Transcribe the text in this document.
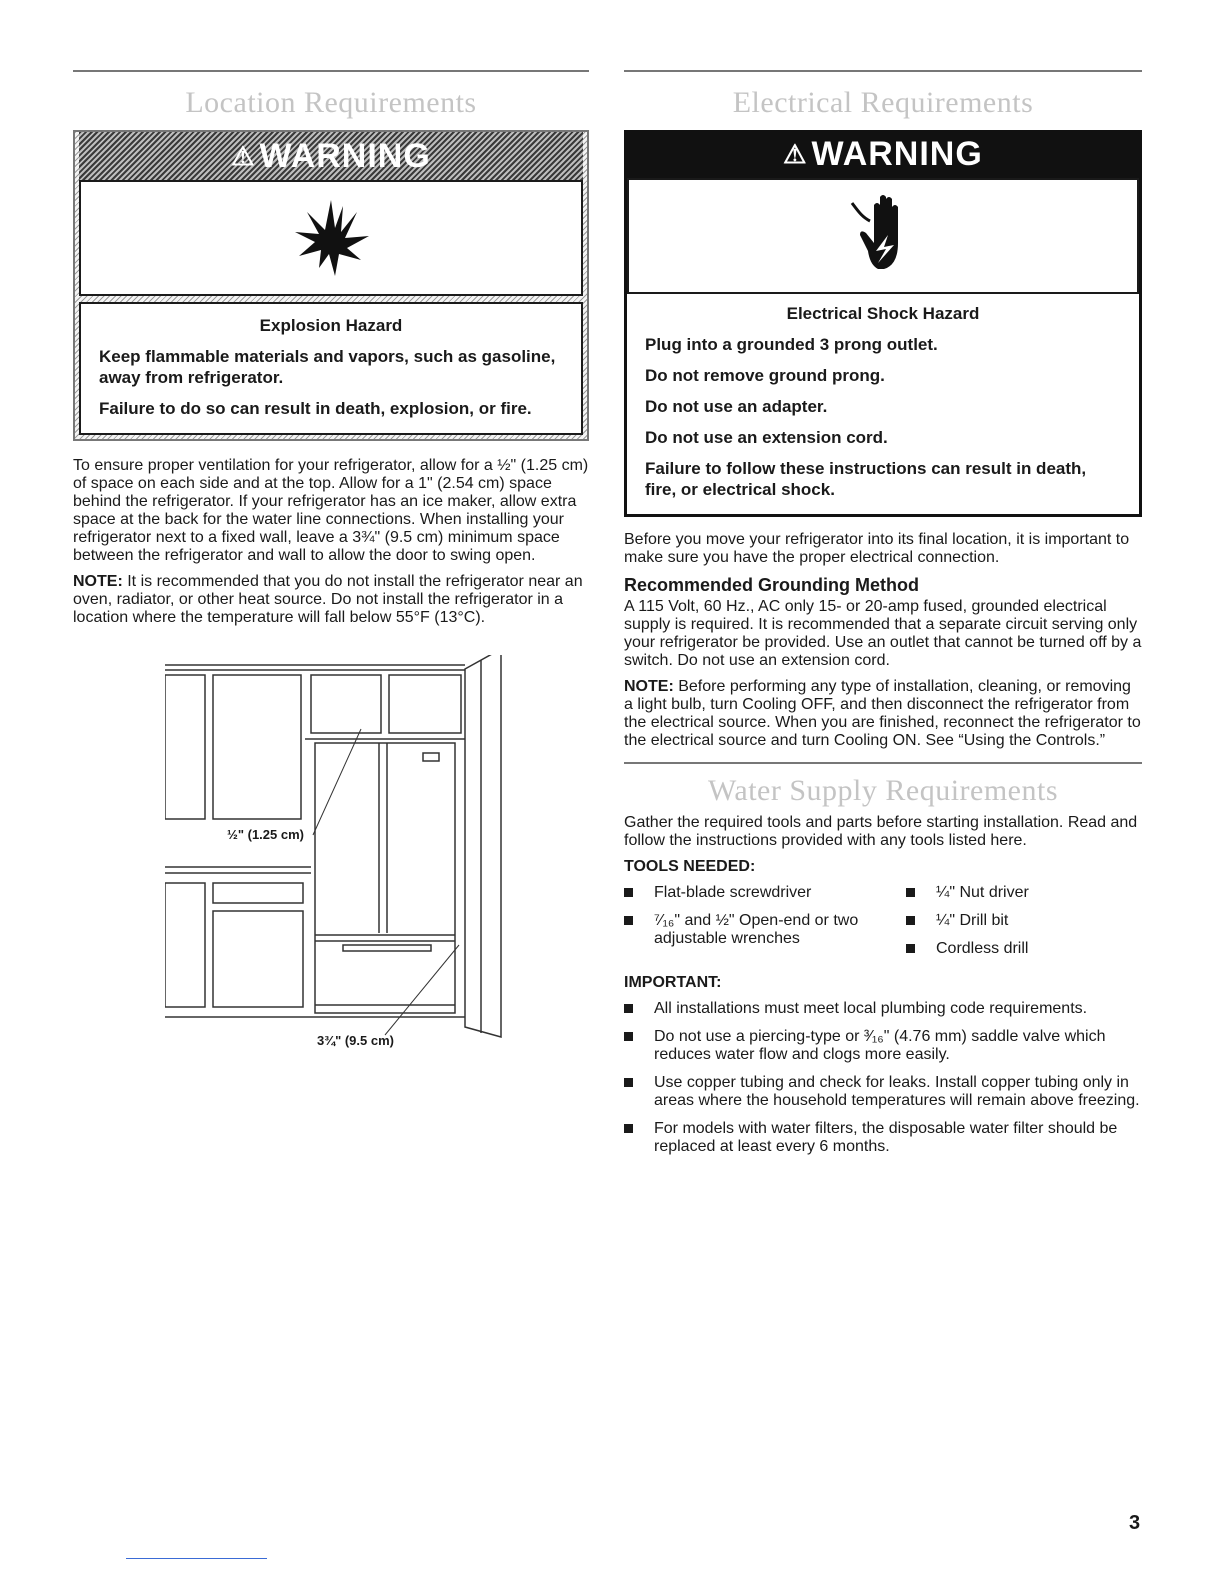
Location Requirements
⚠ WARNING
Explosion Hazard

Keep flammable materials and vapors, such as gasoline, away from refrigerator.

Failure to do so can result in death, explosion, or fire.

To ensure proper ventilation for your refrigerator, allow for a ½" (1.25 cm) of space on each side and at the top. Allow for a 1" (2.54 cm) space behind the refrigerator. If your refrigerator has an ice maker, allow extra space at the back for the water line connections. When installing your refrigerator next to a fixed wall, leave a 3¾" (9.5 cm) minimum space between the refrigerator and wall to allow the door to swing open.

NOTE: It is recommended that you do not install the refrigerator near an oven, radiator, or other heat source. Do not install the refrigerator in a location where the temperature will fall below 55°F (13°C).

½" (1.25 cm)
3¾" (9.5 cm)
Electrical Requirements
⚠ WARNING
Electrical Shock Hazard

Plug into a grounded 3 prong outlet.

Do not remove ground prong.

Do not use an adapter.

Do not use an extension cord.

Failure to follow these instructions can result in death, fire, or electrical shock.

Before you move your refrigerator into its final location, it is important to make sure you have the proper electrical connection.

Recommended Grounding Method

A 115 Volt, 60 Hz., AC only 15- or 20-amp fused, grounded electrical supply is required. It is recommended that a separate circuit serving only your refrigerator be provided. Use an outlet that cannot be turned off by a switch. Do not use an extension cord.

NOTE: Before performing any type of installation, cleaning, or removing a light bulb, turn Cooling OFF, and then disconnect the refrigerator from the electrical source. When you are finished, reconnect the refrigerator to the electrical source and turn Cooling ON. See “Using the Controls.”

Water Supply Requirements

Gather the required tools and parts before starting installation. Read and follow the instructions provided with any tools listed here.

TOOLS NEEDED:
Flat-blade screwdriver
⁷⁄₁₆" and ½" Open-end or two adjustable wrenches
¼" Nut driver
¼" Drill bit
Cordless drill
IMPORTANT:
All installations must meet local plumbing code requirements.
Do not use a piercing-type or ³⁄₁₆" (4.76 mm) saddle valve which reduces water flow and clogs more easily.
Use copper tubing and check for leaks. Install copper tubing only in areas where the household temperatures will remain above freezing.
For models with water filters, the disposable water filter should be replaced at least every 6 months.
3
